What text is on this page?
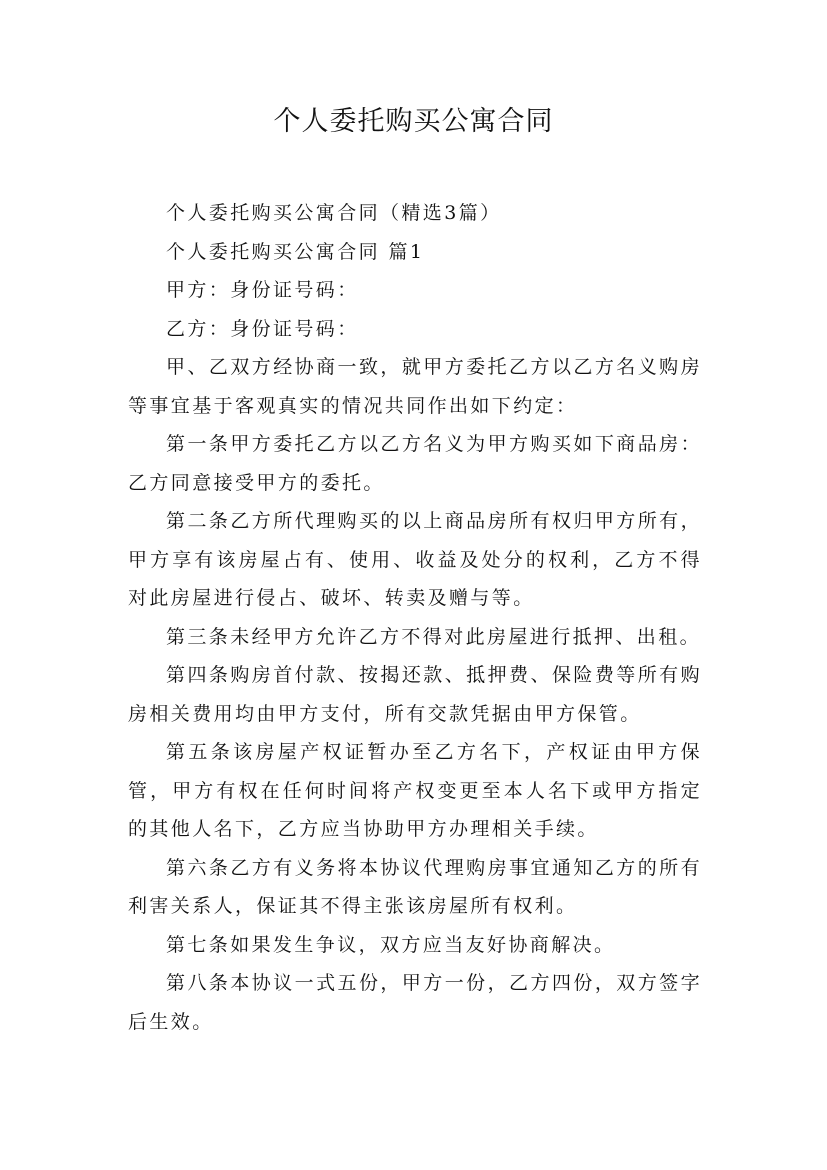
个人委托购买公寓合同

个人委托购买公寓合同（精选3篇）

个人委托购买公寓合同 篇1

甲方：身份证号码：

乙方：身份证号码：

甲、乙双方经协商一致，就甲方委托乙方以乙方名义购房等事宜基于客观真实的情况共同作出如下约定：

第一条甲方委托乙方以乙方名义为甲方购买如下商品房：乙方同意接受甲方的委托。

第二条乙方所代理购买的以上商品房所有权归甲方所有，甲方享有该房屋占有、使用、收益及处分的权利，乙方不得对此房屋进行侵占、破坏、转卖及赠与等。

第三条未经甲方允许乙方不得对此房屋进行抵押、出租。

第四条购房首付款、按揭还款、抵押费、保险费等所有购房相关费用均由甲方支付，所有交款凭据由甲方保管。

第五条该房屋产权证暂办至乙方名下，产权证由甲方保管，甲方有权在任何时间将产权变更至本人名下或甲方指定的其他人名下，乙方应当协助甲方办理相关手续。

第六条乙方有义务将本协议代理购房事宜通知乙方的所有利害关系人，保证其不得主张该房屋所有权利。

第七条如果发生争议，双方应当友好协商解决。

第八条本协议一式五份，甲方一份，乙方四份，双方签字后生效。
